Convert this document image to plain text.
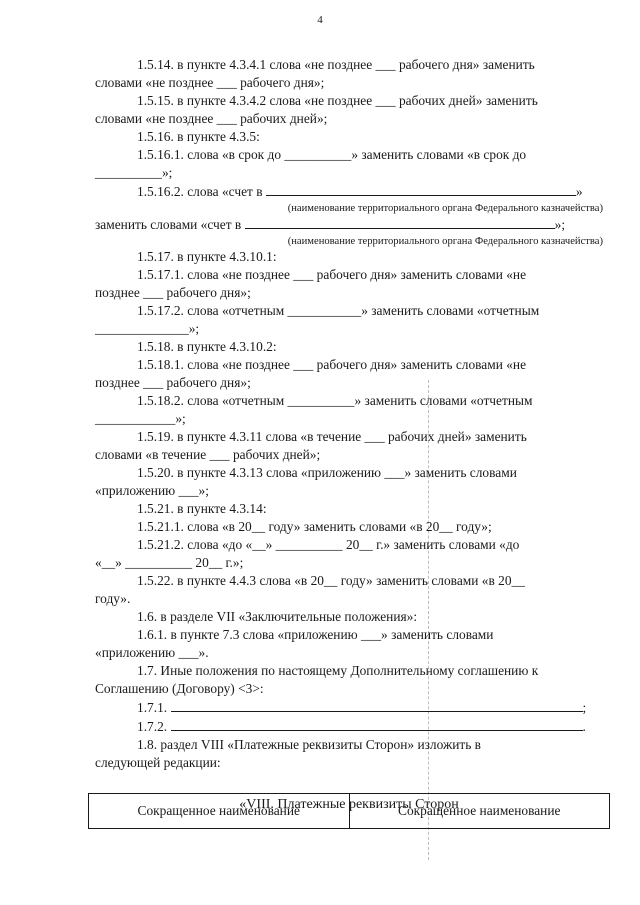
4
1.5.14. в пункте 4.3.4.1 слова «не позднее ___ рабочего дня» заменить
словами «не позднее ___ рабочего дня»;
1.5.15. в пункте 4.3.4.2 слова «не позднее ___ рабочих дней» заменить
словами «не позднее ___ рабочих дней»;
1.5.16. в пункте 4.3.5:
1.5.16.1. слова «в срок до __________» заменить словами «в срок до
__________»;
1.5.16.2. слова «счет в	»
(наименование территориального органа Федерального казначейства)
заменить словами «счет в	»;
(наименование территориального органа Федерального казначейства)
1.5.17. в пункте 4.3.10.1:
1.5.17.1. слова «не позднее ___ рабочего дня» заменить словами «не
позднее ___ рабочего дня»;
1.5.17.2. слова «отчетным ___________» заменить словами «отчетным
______________»;
1.5.18. в пункте 4.3.10.2:
1.5.18.1. слова «не позднее ___ рабочего дня» заменить словами «не
позднее ___ рабочего дня»;
1.5.18.2. слова «отчетным __________» заменить словами «отчетным
____________»;
1.5.19. в пункте 4.3.11 слова «в течение ___ рабочих дней» заменить
словами «в течение ___ рабочих дней»;
1.5.20. в пункте 4.3.13 слова «приложению ___» заменить словами
«приложению ___»;
1.5.21. в пункте 4.3.14:
1.5.21.1. слова «в 20__ году» заменить словами «в 20__ году»;
1.5.21.2. слова «до «__» __________ 20__ г.» заменить словами «до
«__» __________ 20__ г.»;
1.5.22. в пункте 4.4.3 слова «в 20__ году» заменить словами «в 20__
году».
1.6. в разделе VII «Заключительные положения»:
1.6.1. в пункте 7.3 слова «приложению ___» заменить словами
«приложению ___».
1.7. Иные положения по настоящему Дополнительному соглашению к
Соглашению (Договору) <3>:
1.7.1.	;
1.7.2.	.
1.8. раздел VIII «Платежные реквизиты Сторон» изложить в
следующей редакции:
«VIII. Платежные реквизиты Сторон
Сокращенное наименование	Сокращенное наименование
